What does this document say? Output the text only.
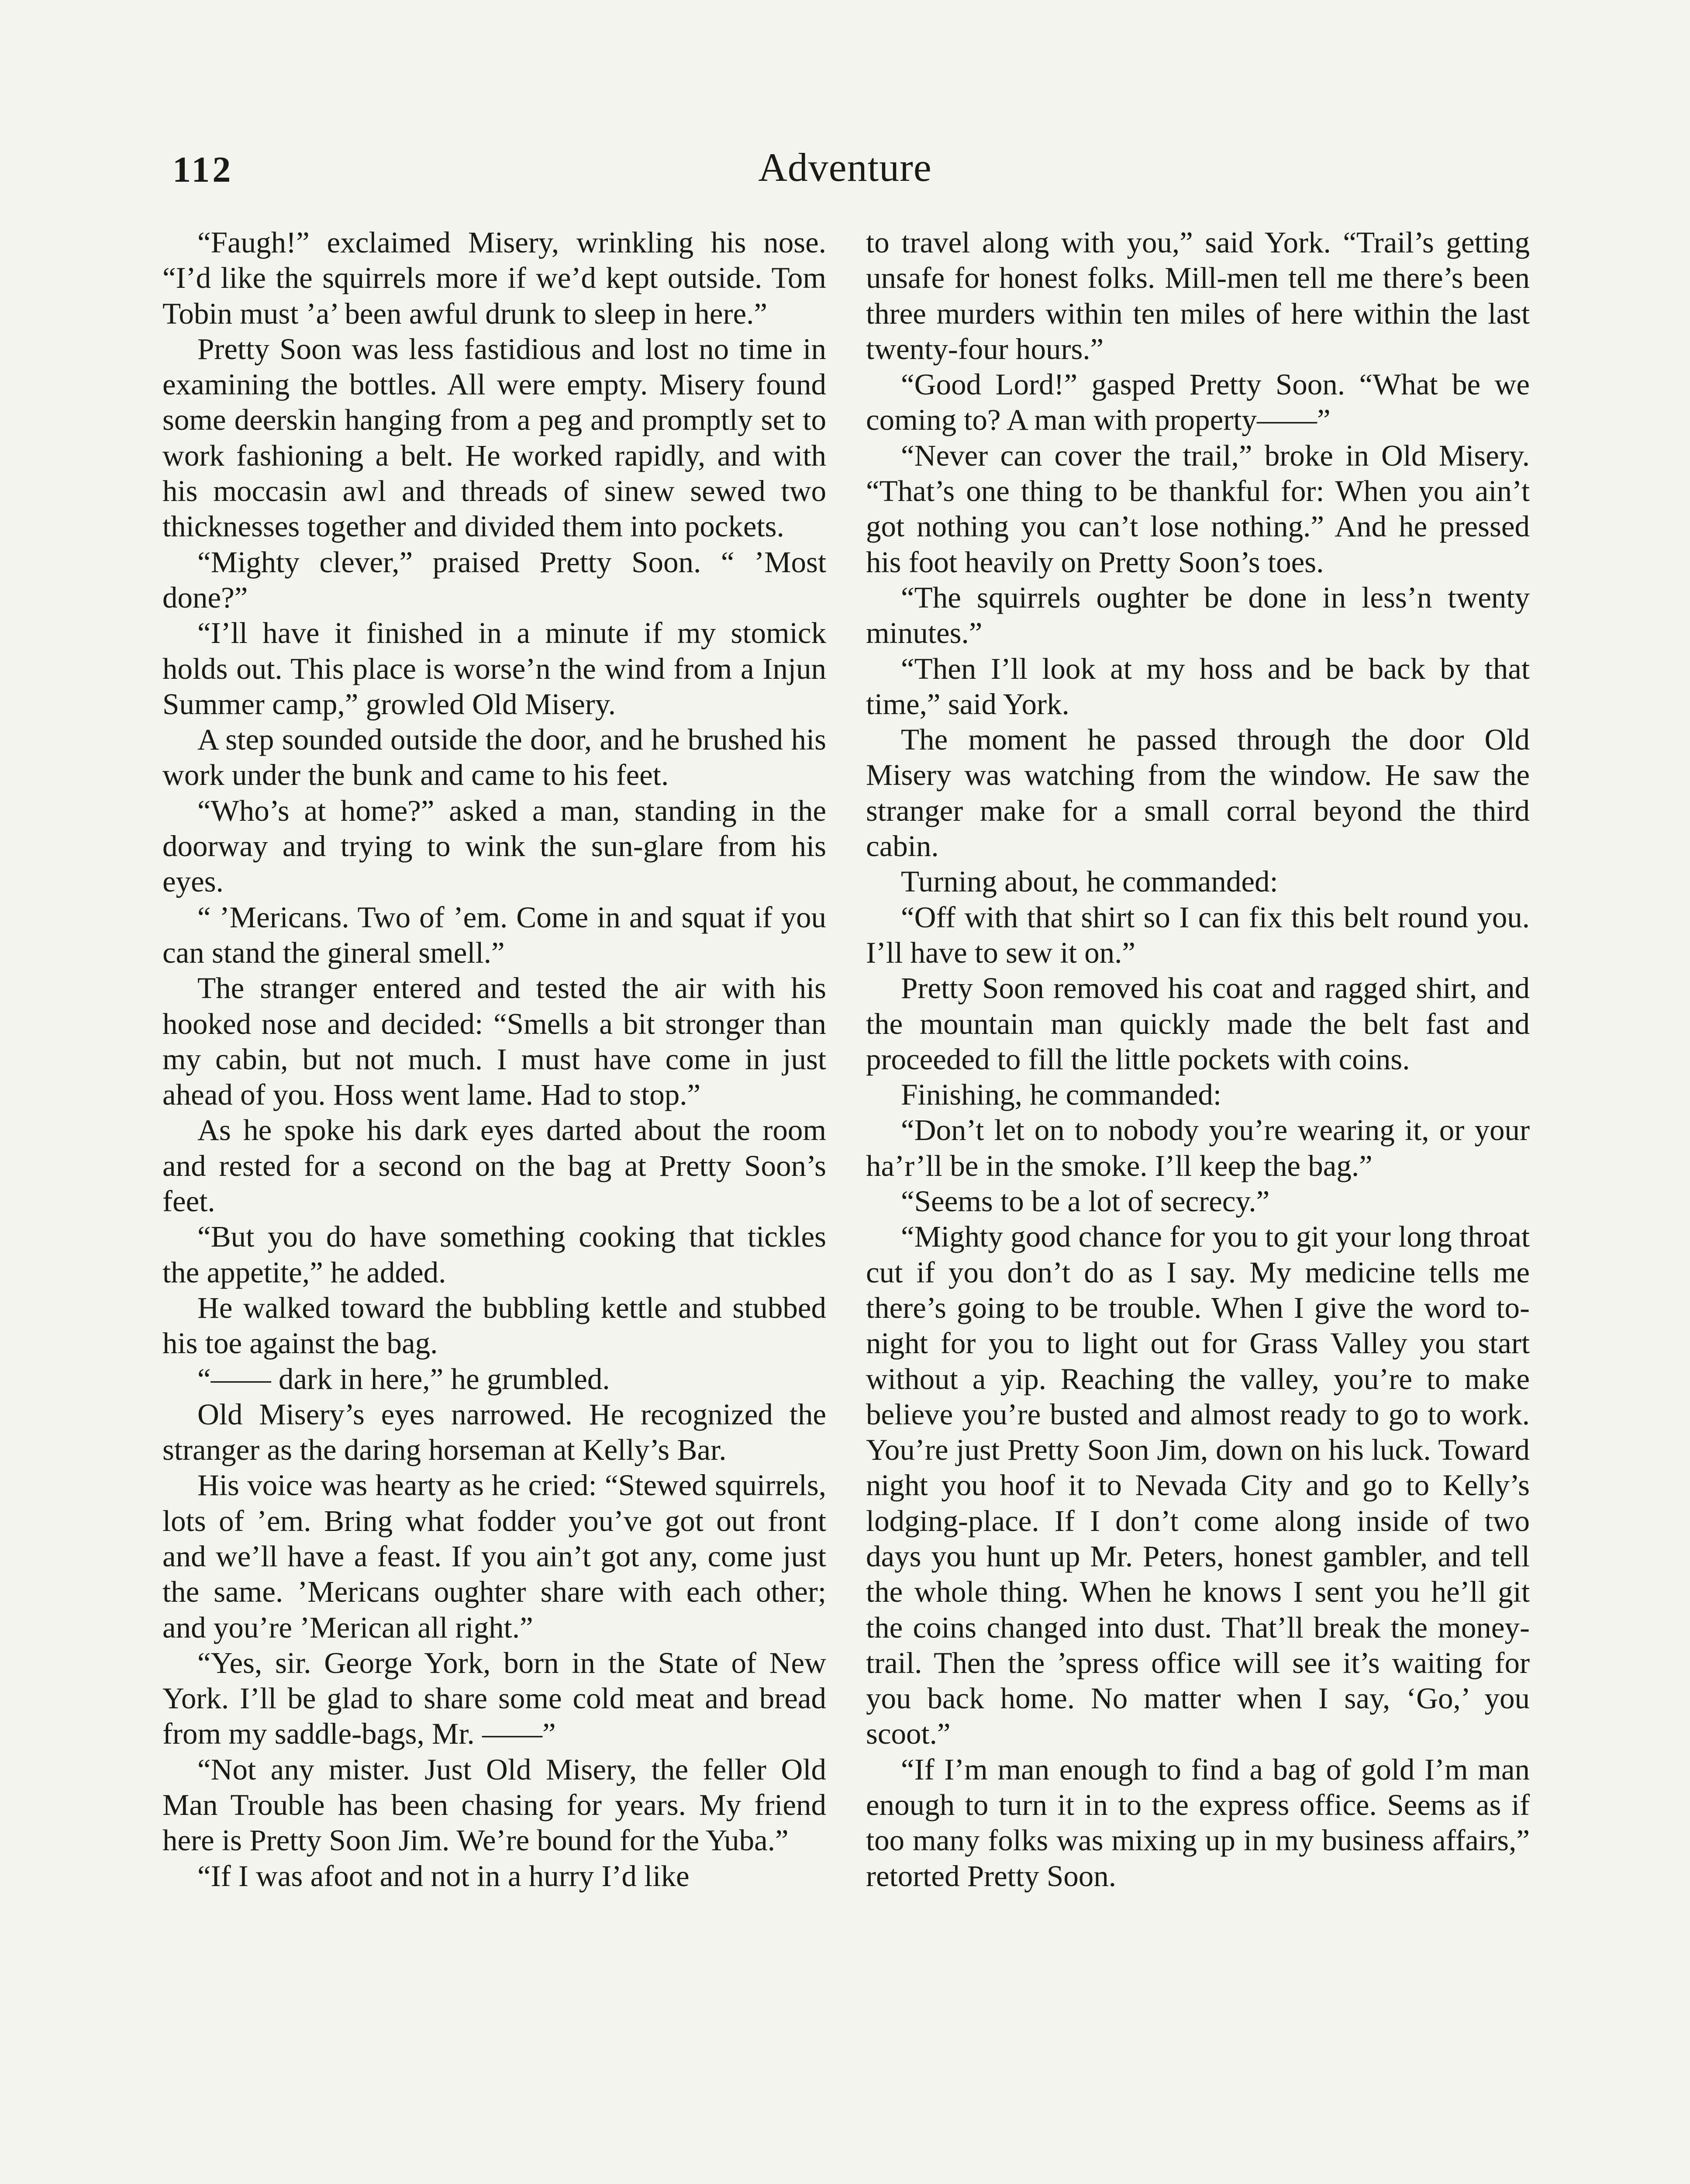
112	Adventure

“Faugh!” exclaimed Misery, wrinkling his nose. “I’d like the squirrels more if we’d kept outside. Tom Tobin must ’a’ been awful drunk to sleep in here.”

Pretty Soon was less fastidious and lost no time in examining the bottles. All were empty. Misery found some deerskin hanging from a peg and promptly set to work fashioning a belt. He worked rapidly, and with his moccasin awl and threads of sinew sewed two thicknesses together and divided them into pockets.

“Mighty clever,” praised Pretty Soon. “ ’Most done?”

“I’ll have it finished in a minute if my stomick holds out. This place is worse’n the wind from a Injun Summer camp,” growled Old Misery.

A step sounded outside the door, and he brushed his work under the bunk and came to his feet.

“Who’s at home?” asked a man, standing in the doorway and trying to wink the sun-glare from his eyes.

“ ’Mericans. Two of ’em. Come in and squat if you can stand the gineral smell.”

The stranger entered and tested the air with his hooked nose and decided: “Smells a bit stronger than my cabin, but not much. I must have come in just ahead of you. Hoss went lame. Had to stop.”

As he spoke his dark eyes darted about the room and rested for a second on the bag at Pretty Soon’s feet.

“But you do have something cooking that tickles the appetite,” he added.

He walked toward the bubbling kettle and stubbed his toe against the bag.

“—— dark in here,” he grumbled.

Old Misery’s eyes narrowed. He recognized the stranger as the daring horseman at Kelly’s Bar.

His voice was hearty as he cried: “Stewed squirrels, lots of ’em. Bring what fodder you’ve got out front and we’ll have a feast. If you ain’t got any, come just the same. ’Mericans oughter share with each other; and you’re ’Merican all right.”

“Yes, sir. George York, born in the State of New York. I’ll be glad to share some cold meat and bread from my saddle-bags, Mr. ——”

“Not any mister. Just Old Misery, the feller Old Man Trouble has been chasing for years. My friend here is Pretty Soon Jim. We’re bound for the Yuba.”

“If I was afoot and not in a hurry I’d like

to travel along with you,” said York. “Trail’s getting unsafe for honest folks. Mill-men tell me there’s been three murders within ten miles of here within the last twenty-four hours.”

“Good Lord!” gasped Pretty Soon. “What be we coming to? A man with property——”

“Never can cover the trail,” broke in Old Misery. “That’s one thing to be thankful for: When you ain’t got nothing you can’t lose nothing.” And he pressed his foot heavily on Pretty Soon’s toes.

“The squirrels oughter be done in less’n twenty minutes.”

“Then I’ll look at my hoss and be back by that time,” said York.

The moment he passed through the door Old Misery was watching from the window. He saw the stranger make for a small corral beyond the third cabin.

Turning about, he commanded:

“Off with that shirt so I can fix this belt round you. I’ll have to sew it on.”

Pretty Soon removed his coat and ragged shirt, and the mountain man quickly made the belt fast and proceeded to fill the little pockets with coins.

Finishing, he commanded:

“Don’t let on to nobody you’re wearing it, or your ha’r’ll be in the smoke. I’ll keep the bag.”

“Seems to be a lot of secrecy.”

“Mighty good chance for you to git your long throat cut if you don’t do as I say. My medicine tells me there’s going to be trouble. When I give the word to-night for you to light out for Grass Valley you start without a yip. Reaching the valley, you’re to make believe you’re busted and almost ready to go to work. You’re just Pretty Soon Jim, down on his luck. Toward night you hoof it to Nevada City and go to Kelly’s lodging-place. If I don’t come along inside of two days you hunt up Mr. Peters, honest gambler, and tell the whole thing. When he knows I sent you he’ll git the coins changed into dust. That’ll break the money-trail. Then the ’spress office will see it’s waiting for you back home. No matter when I say, ‘Go,’ you scoot.”

“If I’m man enough to find a bag of gold I’m man enough to turn it in to the express office. Seems as if too many folks was mixing up in my business affairs,” retorted Pretty Soon.
